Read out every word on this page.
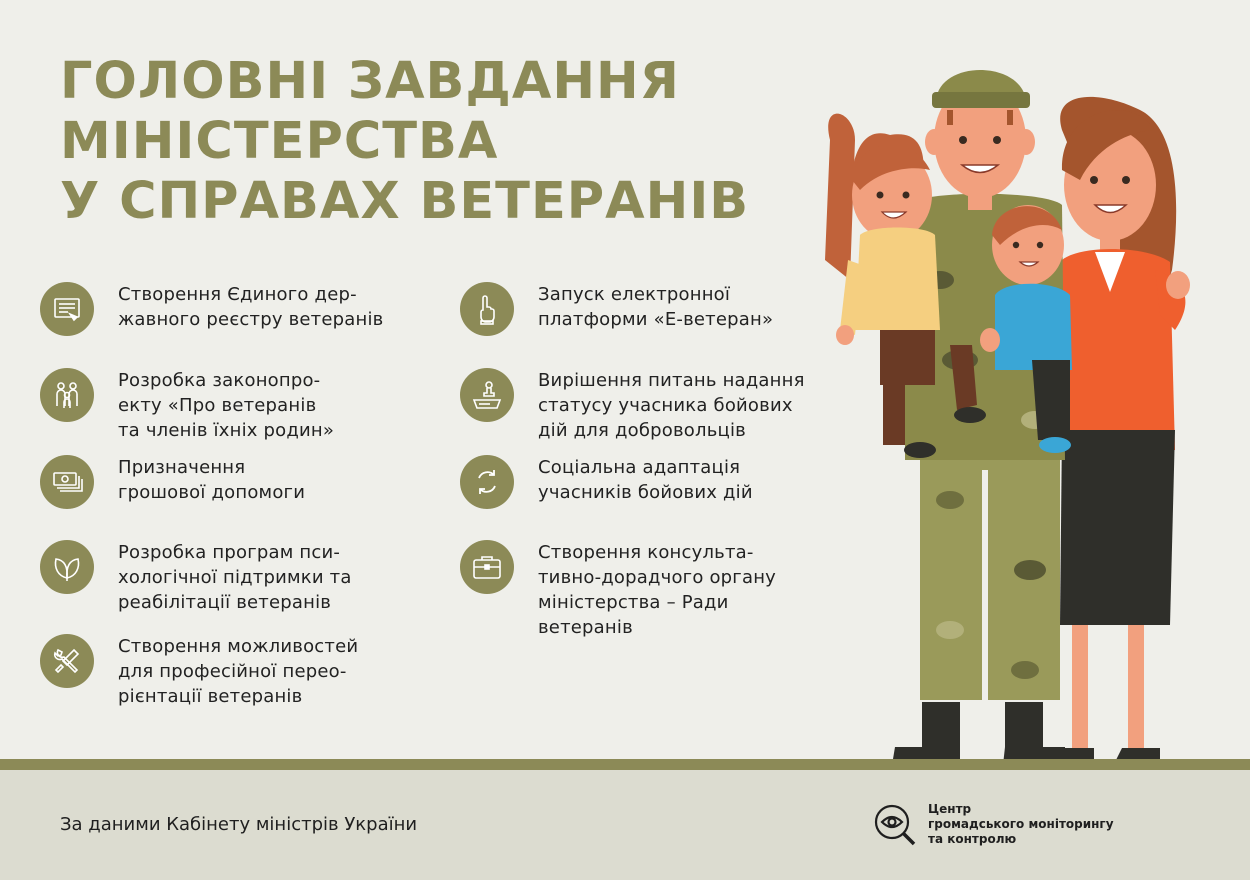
ГОЛОВНІ ЗАВДАННЯ
МІНІСТЕРСТВА
У СПРАВАХ ВЕТЕРАНІВ
Створення Єдиного дер-
жавного реєстру ветеранів
Розробка законопро-
екту «Про ветеранів
та членів їхніх родин»
Призначення
грошової допомоги
Розробка програм пси-
хологічної підтримки та
реабілітації ветеранів
Створення можливостей
для професійної перео-
рієнтації ветеранів
Запуск електронної
платформи «Е-ветеран»
Вирішення питань надання
статусу учасника бойових
дій для добровольців
Соціальна адаптація
учасників бойових дій
Створення консульта-
тивно-дорадчого органу
міністерства – Ради
ветеранів
За даними Кабінету міністрів України
Центр
громадського моніторингу
та контролю
